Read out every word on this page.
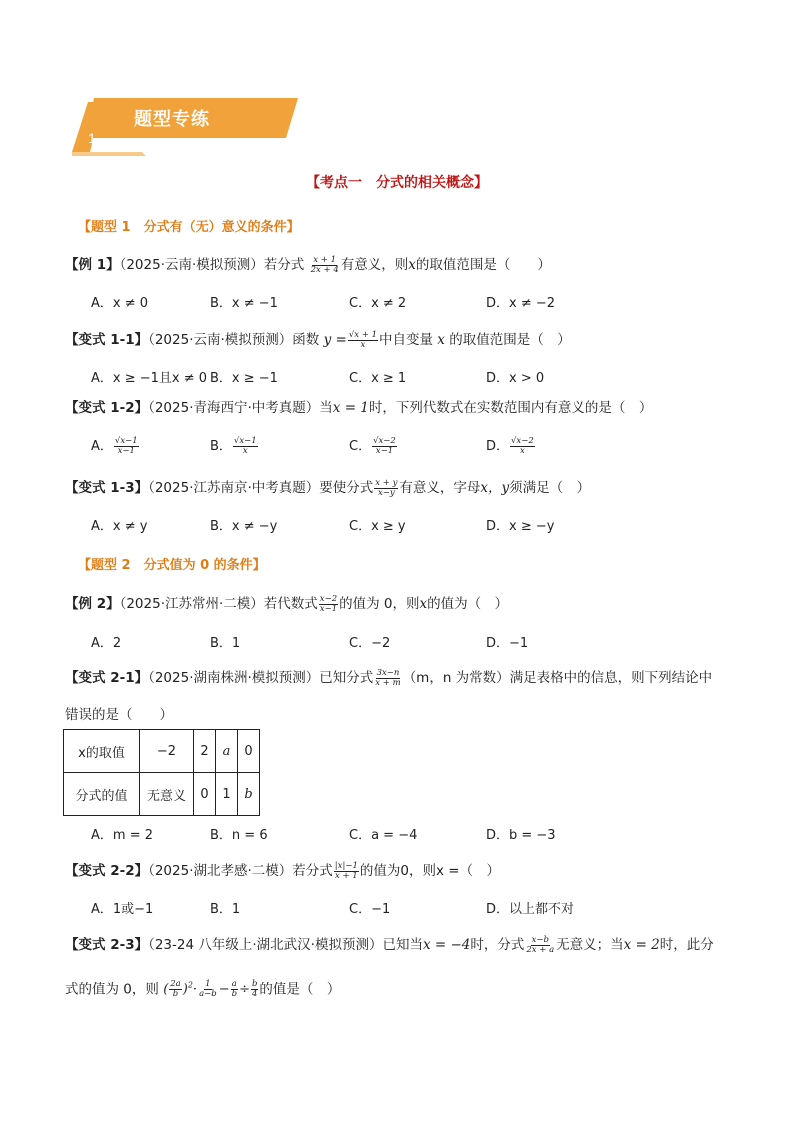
1
题型专练
【考点一　分式的相关概念】
【题型 1　分式有（无）意义的条件】
【例 1】（2025·云南·模拟预测）若分式 $\frac{x + 1}{2x + 4}$ 有意义，则x的取值范围是（　　）
A．x ≠ 0	B．x ≠ −1	C．x ≠ 2	D．x ≠ −2
【变式 1-1】（2025·云南·模拟预测）函数 $y = \frac{√x + 1}{x}$ 中自变量 x 的取值范围是（　）
A．x ≥ −1且x ≠ 0 B．x ≥ −1	C．x ≥ 1	D．x > 0
【变式 1-2】（2025·青海西宁·中考真题）当x = 1时，下列代数式在实数范围内有意义的是（　）
A． $\frac{√x-1}{x-1}$	B． $\frac{√x-1}{x}$	C． $\frac{√x-2}{x-1}$	D． $\frac{√x-2}{x}$
【变式 1-3】（2025·江苏南京·中考真题）要使分式 $\frac{x + y}{x-y}$ 有意义，字母x，y须满足（　）
A．x ≠ y	B．x ≠ −y	C．x ≥ y	D．x ≥ −y
【题型 2　分式值为 0 的条件】
【例 2】（2025·江苏常州·二模）若代数式 $\frac{x-2}{x-1}$ 的值为 0，则x的值为（　）
A．2	B．1	C．−2	D．−1
【变式 2-1】（2025·湖南株洲·模拟预测）已知分式 $\frac{3x-n}{x + m} (m$，n 为常数）满足表格中的信息，则下列结论中
错误的是（　　）
x的取值	−2	2	a	0
分式的值	无意义	0	1	b
A．m = 2	B．n = 6	C．a = −4	D．b = −3
【变式 2-2】（2025·湖北孝感·二模）若分式 $\frac{|x|-1}{x + 1}$ 的值为0，则x =（　）
A．1或−1	B．1	C．−1	D．以上都不对
【变式 2-3】（23-24 八年级上·湖北武汉·模拟预测）已知当x = −4时，分式 $\frac{x-b}{2x + a}$ 无意义；当x = 2时，此分
式的值为 0，则 ( $\frac{2a}{b} )^2\cdot \frac{1}{a-b} - \frac{a}{b} \div \frac{b}{4}$ 的值是（　）
